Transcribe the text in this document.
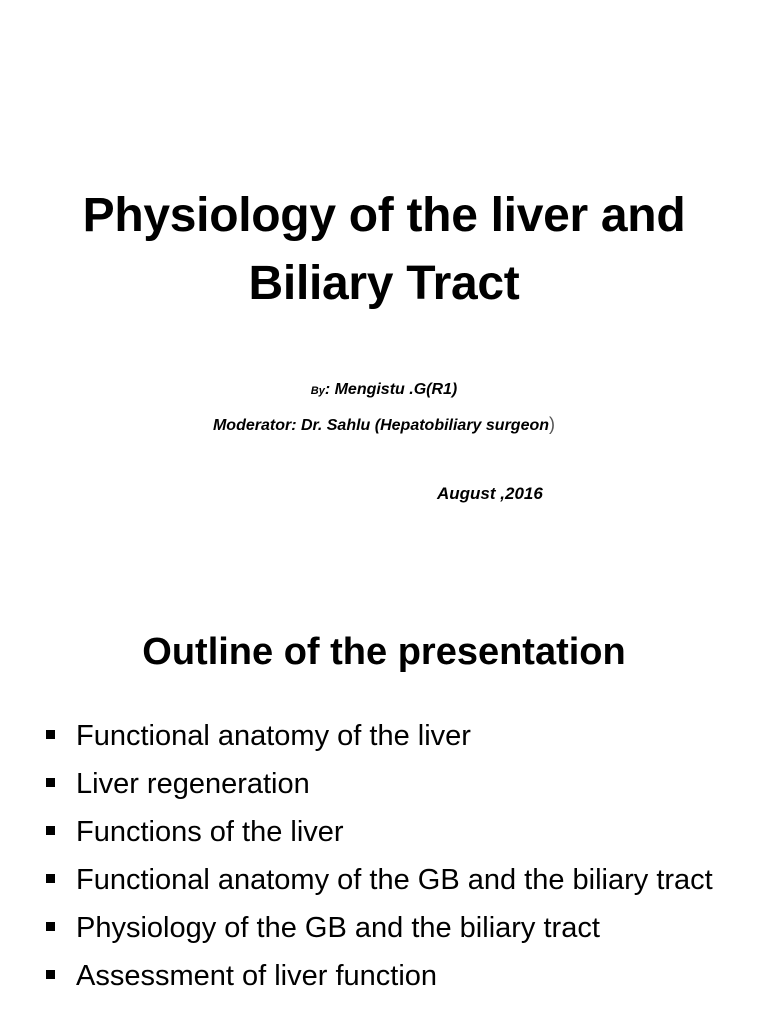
Physiology of the liver and
Biliary Tract

By: Mengistu .G(R1)

Moderator: Dr. Sahlu (Hepatobiliary surgeon)

August ,2016

Outline of the presentation
Functional anatomy of the liver
Liver regeneration
Functions of the liver
Functional anatomy of the GB and the biliary tract
Physiology of the GB and the biliary tract
Assessment of liver function
